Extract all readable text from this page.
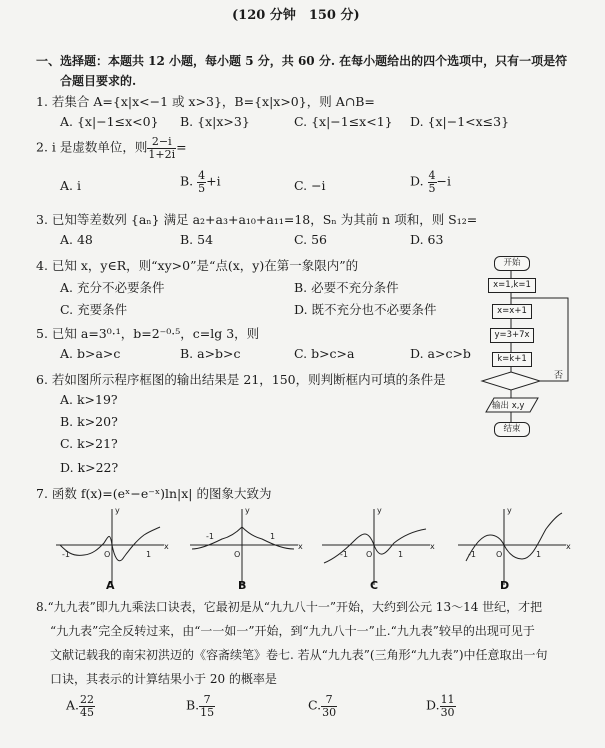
(120 分钟　150 分)
一、选择题：本题共 12 小题，每小题 5 分，共 60 分. 在每小题给出的四个选项中，只有一项是符
合题目要求的.
1. 若集合 A={x|x<−1 或 x>3}，B={x|x>0}，则 A∩B=
A. {x|−1≤x<0} B. {x|x>3}	C. {x|−1≤x<1} D. {x|−1<x≤3}
2. i 是虚数单位，则 $\frac{2-i}{1+2i}$ =
A. i	B. $\frac{4}{5} +i$	C. −i	D. $\frac{4}{5} -i$
3. 已知等差数列 {aₙ} 满足 a₂+a₃+a₁₀+a₁₁=18，Sₙ 为其前 n 项和，则 S₁₂=
A. 48	B. 54	C. 56	D. 63
4. 已知 x，y∈R，则“xy>0”是“点(x，y)在第一象限内”的
A. 充分不必要条件	B. 必要不充分条件
C. 充要条件	D. 既不充分也不必要条件
5. 已知 a=3⁰·¹，b=2⁻⁰·⁵，c=lg 3，则
A. b>a>c	B. a>b>c	C. b>c>a	D. a>c>b
6. 若如图所示程序框图的输出结果是 21，150，则判断框内可填的条件是
A. k>19?
B. k>20?
C. k>21?
D. k>22?
开始
x=1,k=1
x=x+1
y=3+7x
k=k+1
否
输出 x,y
结束
7. 函数 f(x)=(eˣ−e⁻ˣ)ln|x| 的图象大致为
-1	1
O
y
x
-1	1
O
y
x
-1	1
O
y
x
-1	1
O
y
x
A	B	C	D
8.“九九表”即九九乘法口诀表，它最初是从“九九八十一”开始，大约到公元 13～14 世纪，才把
“九九表”完全反转过来，由“一一如一”开始，到“九九八十一”止.“九九表”较早的出现可见于
文献记载我的南宋初洪迈的《容斋续笔》卷七. 若从“九九表”(三角形“九九表”)中任意取出一句
口诀，其表示的计算结果小于 20 的概率是
A. $\frac{22}{45}$	B. $\frac{7}{15}$	C. $\frac{7}{30}$	D. $\frac{11}{30}$
